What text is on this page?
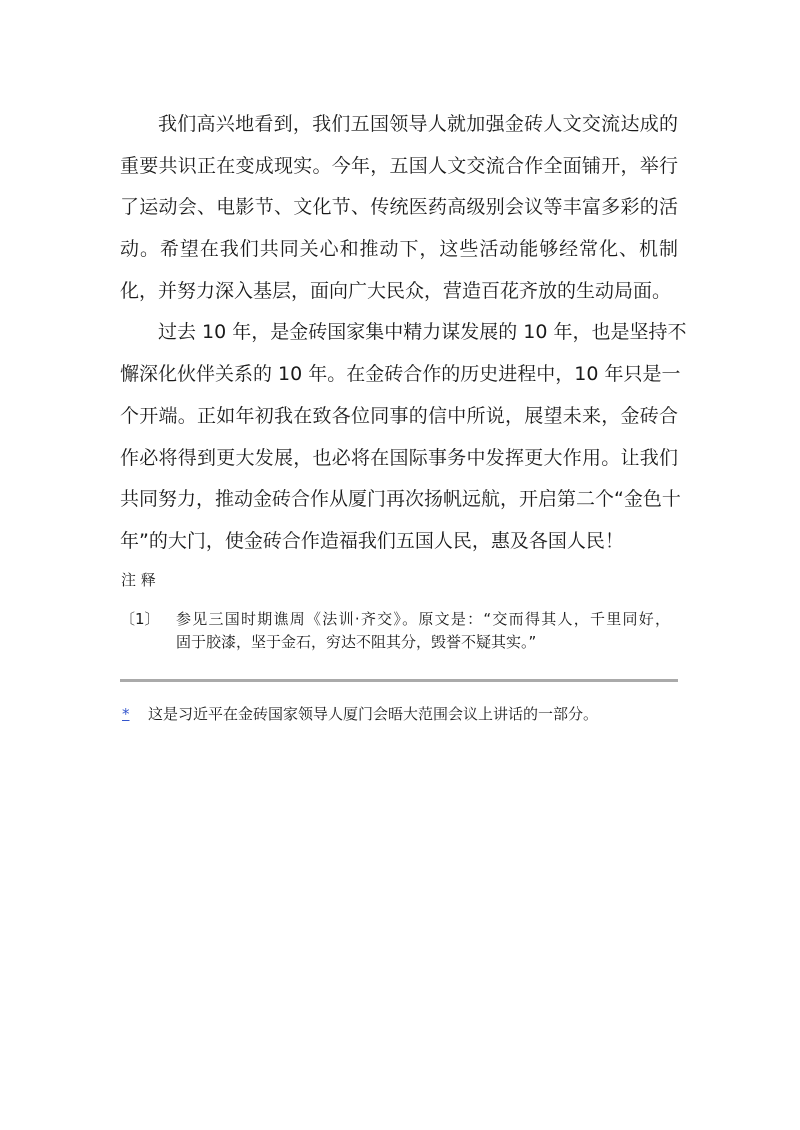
我们高兴地看到，我们五国领导人就加强金砖人文交流达成的
重要共识正在变成现实。今年，五国人文交流合作全面铺开，举行
了运动会、电影节、文化节、传统医药高级别会议等丰富多彩的活
动。希望在我们共同关心和推动下，这些活动能够经常化、机制
化，并努力深入基层，面向广大民众，营造百花齐放的生动局面。
过去 10 年，是金砖国家集中精力谋发展的 10 年，也是坚持不
懈深化伙伴关系的 10 年。在金砖合作的历史进程中，10 年只是一
个开端。正如年初我在致各位同事的信中所说，展望未来，金砖合
作必将得到更大发展，也必将在国际事务中发挥更大作用。让我们
共同努力，推动金砖合作从厦门再次扬帆远航，开启第二个“金色十
年”的大门，使金砖合作造福我们五国人民，惠及各国人民！
注 释
〔1〕 参见三国时期谯周《法训·齐交》。原文是：“交而得其人，千里同好，
固于胶漆，坚于金石，穷达不阻其分，毁誉不疑其实。”
* 这是习近平在金砖国家领导人厦门会晤大范围会议上讲话的一部分。
